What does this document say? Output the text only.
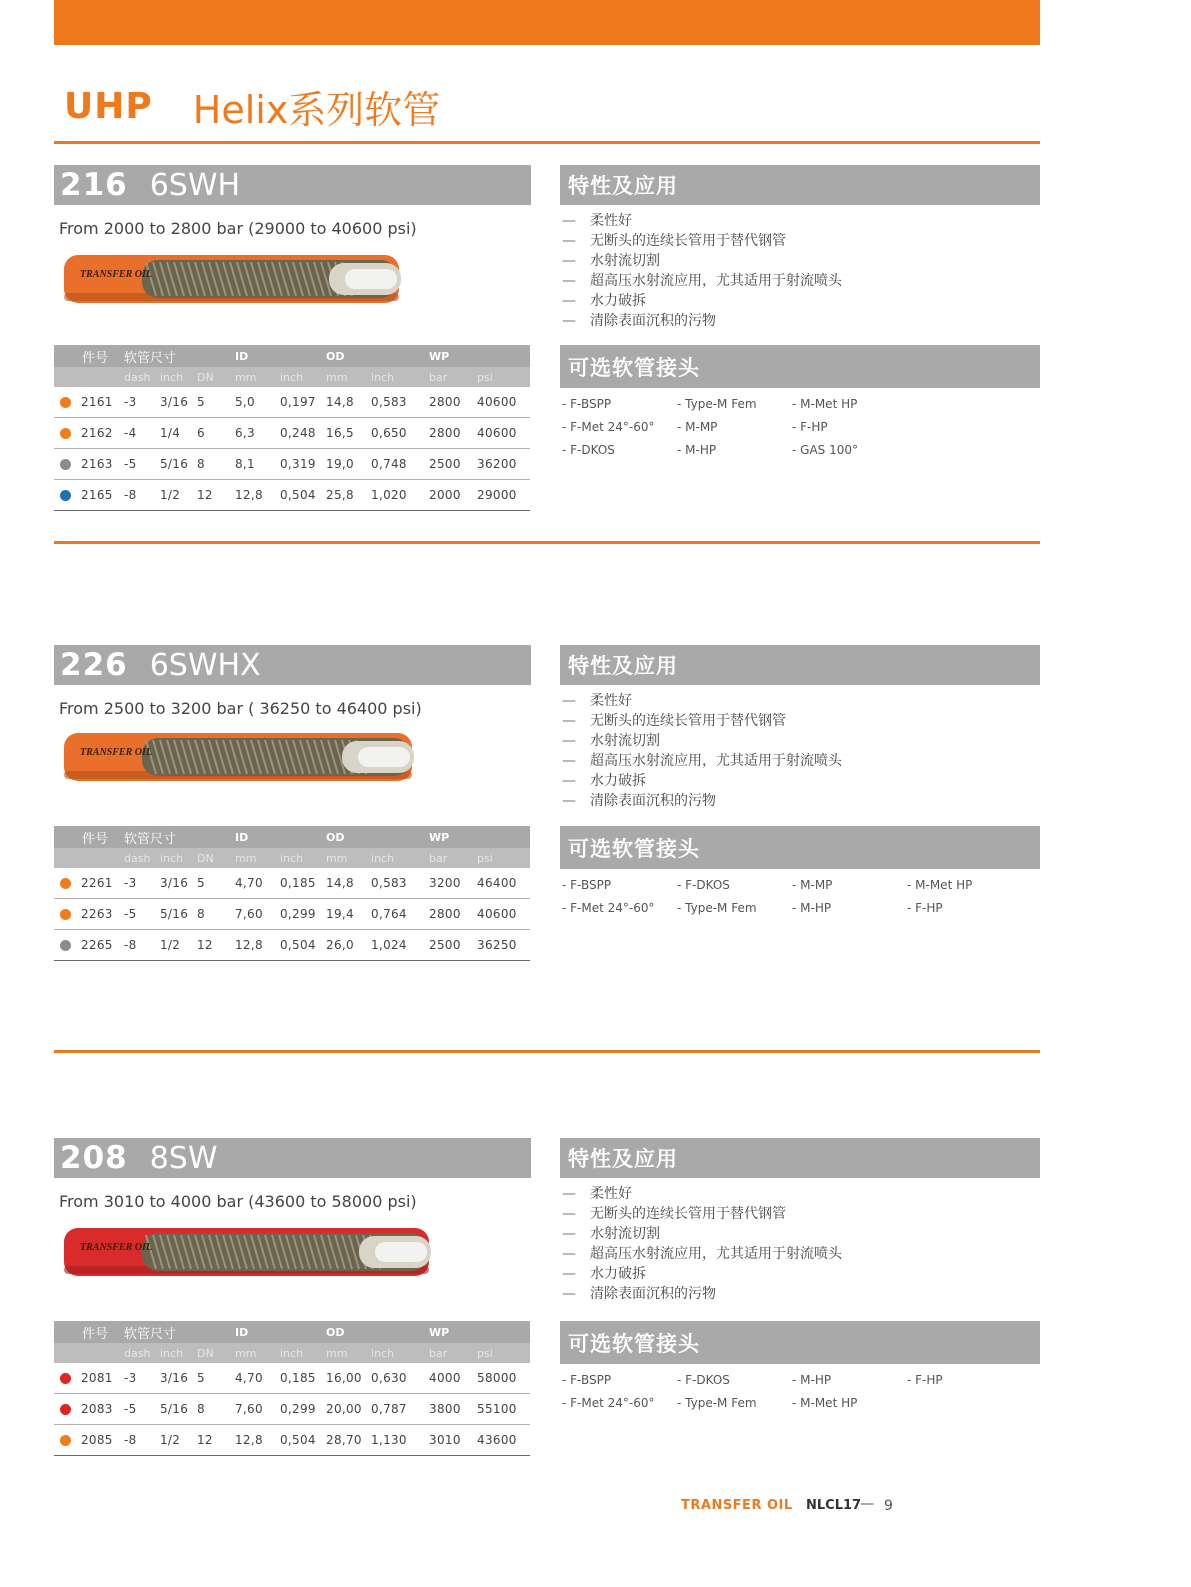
UHP Helix系列软管
216 6SWH
From 2000 to 2800 bar (29000 to 40600 psi)
TRANSFER OIL
件号	软管尺寸			ID		OD		WP	
	dash	inch	DN	mm	inch	mm	inch	bar	psi
2161	-3	3/16	5	5,0	0,197	14,8	0,583	2800	40600
2162	-4	1/4	6	6,3	0,248	16,5	0,650	2800	40600
2163	-5	5/16	8	8,1	0,319	19,0	0,748	2500	36200
2165	-8	1/2	12	12,8	0,504	25,8	1,020	2000	29000
特性及应用
—	柔性好
—	无断头的连续长管用于替代钢管
—	水射流切割
—	超高压水射流应用，尤其适用于射流喷头
—	水力破拆
—	清除表面沉积的污物
可选软管接头
- F-BSPP	- Type-M Fem	- M-Met HP
- F-Met 24°-60°	- M-MP	- F-HP
- F-DKOS	- M-HP	- GAS 100°
226 6SWHX
From 2500 to 3200 bar ( 36250 to 46400 psi)
TRANSFER OIL
件号	软管尺寸			ID		OD		WP	
	dash	inch	DN	mm	inch	mm	inch	bar	psi
2261	-3	3/16	5	4,70	0,185	14,8	0,583	3200	46400
2263	-5	5/16	8	7,60	0,299	19,4	0,764	2800	40600
2265	-8	1/2	12	12,8	0,504	26,0	1,024	2500	36250
特性及应用
—	柔性好
—	无断头的连续长管用于替代钢管
—	水射流切割
—	超高压水射流应用，尤其适用于射流喷头
—	水力破拆
—	清除表面沉积的污物
可选软管接头
- F-BSPP	- F-DKOS	- M-MP	- M-Met HP
- F-Met 24°-60°	- Type-M Fem	- M-HP	- F-HP
208 8SW
From 3010 to 4000 bar (43600 to 58000 psi)
TRANSFER OIL
件号	软管尺寸			ID		OD		WP	
	dash	inch	DN	mm	inch	mm	inch	bar	psi
2081	-3	3/16	5	4,70	0,185	16,00	0,630	4000	58000
2083	-5	5/16	8	7,60	0,299	20,00	0,787	3800	55100
2085	-8	1/2	12	12,8	0,504	28,70	1,130	3010	43600
特性及应用
—	柔性好
—	无断头的连续长管用于替代钢管
—	水射流切割
—	超高压水射流应用，尤其适用于射流喷头
—	水力破拆
—	清除表面沉积的污物
可选软管接头
- F-BSPP	- F-DKOS	- M-HP	- F-HP
- F-Met 24°-60°	- Type-M Fem	- M-Met HP
TRANSFER OIL NLCL17
— 9
